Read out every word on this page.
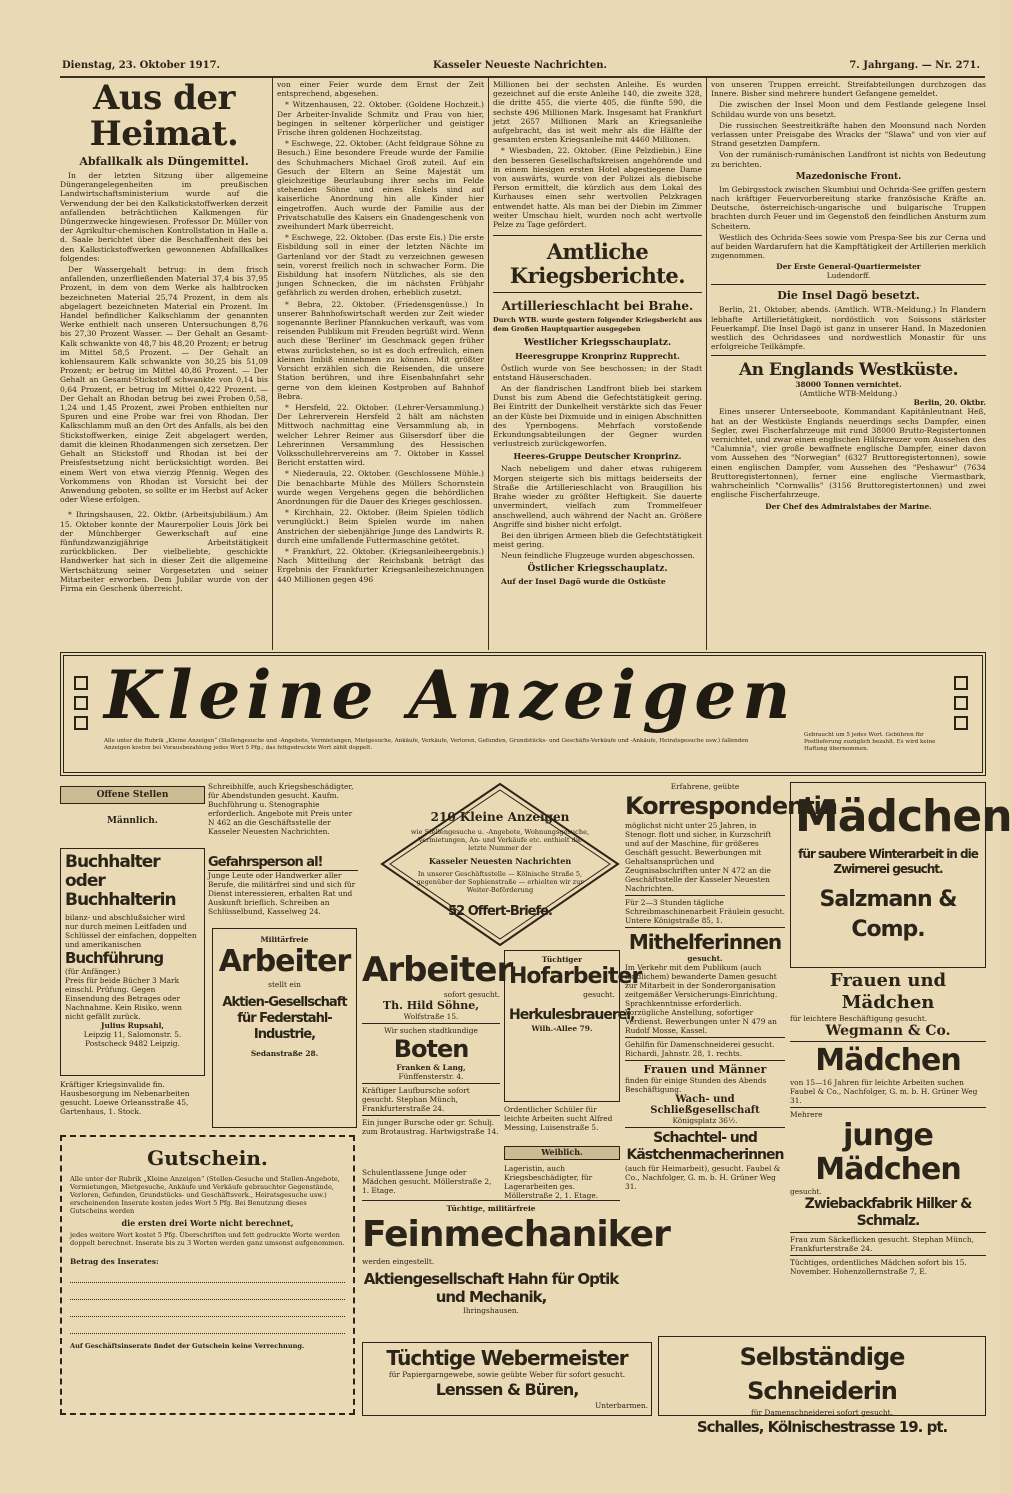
Dienstag, 23. Oktober 1917.	Kasseler Neueste Nachrichten.	7. Jahrgang. — Nr. 271.
Aus der Heimat.
Abfallkalk als Düngemittel.

In der letzten Sitzung über allgemeine Düngerangelegenheiten im preußischen Landwirtschaftsministerium wurde auf die Verwendung der bei den Kalkstickstoffwerken derzeit anfallenden beträchtlichen Kalkmengen für Düngerzwecke hingewiesen. Professor Dr. Müller von der Agrikultur-chemischen Kontrollstation in Halle a. d. Saale berichtet über die Beschaffenheit des bei den Kalkstickstoffwerken gewonnenen Abfallkalkes folgendes:

Der Wassergehalt betrug: in dem frisch anfallenden, unzerfließenden Material 37,4 bis 37,95 Prozent, in dem von dem Werke als halbtrocken bezeichneten Material 25,74 Prozent, in dem als abgelagert bezeichneten Material ein Prozent. Im Handel befindlicher Kalkschlamm der genannten Werke enthielt nach unseren Untersuchungen 8,76 bis 27,30 Prozent Wasser. — Der Gehalt an Gesamt-Kalk schwankte von 48,7 bis 48,20 Prozent; er betrug im Mittel 58,5 Prozent. — Der Gehalt an kohlensaurem Kalk schwankte von 30,25 bis 51,09 Prozent; er betrug im Mittel 40,86 Prozent. — Der Gehalt an Gesamt-Stickstoff schwankte von 0,14 bis 0,64 Prozent, er betrug im Mittel 0,422 Prozent. — Der Gehalt an Rhodan betrug bei zwei Proben 0,58, 1,24 und 1,45 Prozent, zwei Proben enthielten nur Spuren und eine Probe war frei von Rhodan. Der Kalkschlamm muß an den Ort des Anfalls, als bei den Stickstoffwerken, einige Zeit abgelagert werden, damit die kleinen Rhodanmengen sich zersetzen. Der Gehalt an Stickstoff und Rhodan ist bei der Preisfestsetzung nicht berücksichtigt worden. Bei einem Wert von etwa vierzig Pfennig. Wegen des Vorkommens von Rhodan ist Vorsicht bei der Anwendung geboten, so sollte er im Herbst auf Acker oder Wiese erfolgen.

* Ihringshausen, 22. Oktbr. (Arbeitsjubiläum.) Am 15. Oktober konnte der Maurerpolier Louis Jörk bei der Münchberger Gewerkschaft auf eine fünfundzwanzigjährige Arbeitstätigkeit zurückblicken. Der vielbeliebte, geschickte Handwerker hat sich in dieser Zeit die allgemeine Wertschätzung seiner Vorgesetzten und seiner Mitarbeiter erworben. Dem Jubilar wurde von der Firma ein Geschenk überreicht.

von einer Feier wurde dem Ernst der Zeit entsprechend, abgesehen.

* Witzenhausen, 22. Oktober. (Goldene Hochzeit.) Der Arbeiter-Invalide Schmitz und Frau von hier, begingen in seltener körperlicher und geistiger Frische ihren goldenen Hochzeitstag.

* Eschwege, 22. Oktober. (Acht feldgraue Söhne zu Besuch.) Eine besondere Freude wurde der Familie des Schuhmachers Michael Groß zuteil. Auf ein Gesuch der Eltern an Seine Majestät um gleichzeitige Beurlaubung ihrer sechs im Felde stehenden Söhne und eines Enkels sind auf kaiserliche Anordnung hin alle Kinder hier eingetroffen. Auch wurde der Familie aus der Privatschatulle des Kaisers ein Gnadengeschenk von zweihundert Mark überreicht.

* Eschwege, 22. Oktober. (Das erste Eis.) Die erste Eisbildung soll in einer der letzten Nächte im Gartenland vor der Stadt zu verzeichnen gewesen sein, vorerst freilich noch in schwacher Form. Die Eisbildung hat insofern Nützliches, als sie den jungen Schnecken, die im nächsten Frühjahr gefährlich zu werden drohen, erheblich zusetzt.

* Bebra, 22. Oktober. (Friedensgenüsse.) In unserer Bahnhofswirtschaft werden zur Zeit wieder sogenannte Berliner Pfannkuchen verkauft, was vom reisenden Publikum mit Freuden begrüßt wird. Wenn auch diese 'Berliner' im Geschmack gegen früher etwas zurückstehen, so ist es doch erfreulich, einen kleinen Imbiß einnehmen zu können. Mit größter Vorsicht erzählen sich die Reisenden, die unsere Station berühren, und ihre Eisenbahnfahrt sehr gerne von dem kleinen Kostproben auf Bahnhof Bebra.

* Hersfeld, 22. Oktober. (Lehrer-Versammlung.) Der Lehrerverein Hersfeld 2 hält am nächsten Mittwoch nachmittag eine Versammlung ab, in welcher Lehrer Reimer aus Gilsersdorf über die Lehrerinnen Versammlung des Hessischen Volksschullehrervereins am 7. Oktober in Kassel Bericht erstatten wird.

* Niederaula, 22. Oktober. (Geschlossene Mühle.) Die benachbarte Mühle des Müllers Schornstein wurde wegen Vergehens gegen die behördlichen Anordnungen für die Dauer des Krieges geschlossen.

* Kirchhain, 22. Oktober. (Beim Spielen tödlich verunglückt.) Beim Spielen wurde im nahen Anstrichen der siebenjährige Junge des Landwirts R. durch eine umfallende Futtermaschine getötet.

* Frankfurt, 22. Oktober. (Kriegsanleiheergebnis.) Nach Mitteilung der Reichsbank beträgt das Ergebnis der Frankfurter Kriegsanleihezeichnungen 440 Millionen gegen 496

Millionen bei der sechsten Anleihe. Es wurden gezeichnet auf die erste Anleihe 140, die zweite 328, die dritte 455, die vierte 405, die fünfte 590, die sechste 496 Millionen Mark. Insgesamt hat Frankfurt jetzt 2657 Millionen Mark an Kriegsanleihe aufgebracht, das ist weit mehr als die Hälfte der gesamten ersten Kriegsanleihe mit 4460 Millionen.

* Wiesbaden, 22. Oktober. (Eine Pelzdiebin.) Eine den besseren Gesellschaftskreisen angehörende und in einem hiesigen ersten Hotel abgestiegene Dame von auswärts, wurde von der Polizei als diebische Person ermittelt, die kürzlich aus dem Lokal des Kurhauses einen sehr wertvollen Pelzkragen entwendet hatte. Als man bei der Diebin im Zimmer weiter Umschau hielt, wurden noch acht wertvolle Pelze zu Tage gefördert.

Amtliche Kriegsberichte.
Artillerieschlacht bei Brahe.

Durch WTB. wurde gestern folgender Kriegsbericht aus dem Großen Hauptquartier ausgegeben

Westlicher Kriegsschauplatz.
Heeresgruppe Kronprinz Rupprecht.

Östlich wurde von See beschossen; in der Stadt entstand Häuserschaden.

An der flandrischen Landfront blieb bei starkem Dunst bis zum Abend die Gefechtstätigkeit gering. Bei Eintritt der Dunkelheit verstärkte sich das Feuer an der Küste bei Dixmuide und in einigen Abschnitten des Ypernbogens. Mehrfach vorstoßende Erkundungsabteilungen der Gegner wurden verlustreich zurückgeworfen.

Heeres-Gruppe Deutscher Kronprinz.

Nach nebeligem und daher etwas ruhigerem Morgen steigerte sich bis mittags beiderseits der Straße die Artillerieschlacht von Braugillion bis Brahe wieder zu größter Heftigkeit. Sie dauerte unvermindert, vielfach zum Trommelfeuer anschwellend, auch während der Nacht an. Größere Angriffe sind bisher nicht erfolgt.

Bei den übrigen Armeen blieb die Gefechtstätigkeit meist gering.

Neun feindliche Flugzeuge wurden abgeschossen.

Östlicher Kriegsschauplatz.

Auf der Insel Dagö wurde die Ostküste

von unseren Truppen erreicht. Streifabteilungen durchzogen das Innere. Bisher sind mehrere hundert Gefangene gemeldet.

Die zwischen der Insel Moon und dem Festlande gelegene Insel Schildau wurde von uns besetzt.

Die russischen Seestreitkräfte haben den Moonsund nach Norden verlassen unter Preisgabe des Wracks der "Slawa" und von vier auf Strand gesetzten Dampfern.

Von der rumänisch-rumänischen Landfront ist nichts von Bedeutung zu berichten.

Mazedonische Front.

Im Gebirgsstock zwischen Skumbiui und Ochrida-See griffen gestern nach kräftiger Feuervorbereitung starke französische Kräfte an. Deutsche, österreichisch-ungarische und bulgarische Truppen brachten durch Feuer und im Gegenstoß den feindlichen Ansturm zum Scheitern.

Westlich des Ochrida-Sees sowie vom Prespa-See bis zur Cerna und auf beiden Wardarufern hat die Kampftätigkeit der Artillerien merklich zugenommen.

Der Erste General-Quartiermeister
Ludendorff.
Die Insel Dagö besetzt.

Berlin, 21. Oktober, abends. (Amtlich. WTB.-Meldung.) In Flandern lebhafte Artillerietätigkeit, nordöstlich von Soissons stärkster Feuerkampf. Die Insel Dagö ist ganz in unserer Hand. In Mazedonien westlich des Ochridasees und nordwestlich Monastir für uns erfolgreiche Teilkämpfe.

An Englands Westküste.
38000 Tonnen vernichtet.
(Amtliche WTB-Meldung.)
Berlin, 20. Oktbr.

Eines unserer Unterseeboote, Kommandant Kapitänleutnant Heß, hat an der Westküste Englands neuerdings sechs Dampfer, einen Segler, zwei Fischerfahrzeuge mit rund 38000 Brutto-Registertonnen vernichtet, und zwar einen englischen Hilfskreuzer vom Aussehen des "Calumnia", vier große bewaffnete englische Dampfer, einer davon vom Aussehen des "Norwegian" (6327 Bruttoregistertonnen), sowie einen englischen Dampfer, vom Aussehen des "Peshawur" (7634 Bruttoregistertonnen), ferner eine englische Viermastbark, wahrscheinlich "Cornwallis" (3156 Bruttoregistertonnen) und zwei englische Fischerfahrzeuge.

Der Chef des Admiralstabes der Marine.
Kleine Anzeigen
Alle unter die Rubrik „Kleine Anzeigen“ (Stellengesuche und -Angebote, Vermietungen, Mietgesuche, Ankäufe, Verkäufe, Verloren, Gefunden, Grundstücks- und Geschäfts-Verkäufe und -Ankäufe, Heiratsgesuche usw.) fallenden Anzeigen kosten bei Vorausbezahlung jedes Wort 5 Pfg.; das fettgedruckte Wort zählt doppelt.
Gebraucht um 5 jedes Wort. Gebühren für Postlieferung zuzüglich bezahlt. Es wird keine Haftung übernommen.
Offene Stellen
Männlich.
Buchhalter oder Buchhalterin
bilanz- und abschlußsicher wird nur durch meinen Leitfaden und Schlüssel der einfachen, doppelten und amerikanischen
Buchführung
(für Anfänger.)
Preis für beide Bücher 3 Mark einschl. Prüfung. Gegen Einsendung des Betrages oder Nachnahme. Kein Risiko, wenn nicht gefällt zurück.
Julius Rupsahl,
Leipzig 11, Salomonstr. 5.
Postscheck 9482 Leipzig.
Kräftiger Kriegsinvalide fin. Hausbesorgung im Nebenarbeiten gesucht. Loewe Orleansstraße 45, Gartenhaus, 1. Stock.
Schreibhilfe, auch Kriegsbeschädigter, für Abendstunden gesucht. Kaufm. Buchführung u. Stenographie erforderlich. Angebote mit Preis unter N 462 an die Geschäftsstelle der Kasseler Neuesten Nachrichten.
Gefahrsperson al!
Junge Leute oder Handwerker aller Berufe, die militärfrei sind und sich für Dienst interessieren, erhalten Rat und Auskunft brieflich. Schreiben an Schlüsselbund, Kasselweg 24.
Militärfreie
Arbeiter
stellt ein
Aktien-Gesellschaft für Federstahl-Industrie,
Sedanstraße 28.
210 Kleine Anzeigen
wie Stellengesuche u. -Angebote, Wohnungsgesuche, Vermietungen, An- und Verkäufe etc. enthielt die letzte Nummer der
Kasseler Neuesten Nachrichten
In unserer Geschäftsstelle — Kölnische Straße 5, gegenüber der Sophienstraße — erhielten wir zur Weiter-Beförderung
52 Offert-Briefe.
Arbeiter
sofort gesucht.
Th. Hild Söhne,
Wolfstraße 15.
Wir suchen stadtkundige
Boten
Franken & Lang,
Fünffensterstr. 4.
Kräftiger Laufbursche sofort gesucht. Stephan Münch, Frankfurterstraße 24.
Ein junger Bursche oder gr. Schulj. zum Brotaustrag. Hartwigstraße 14.
Schulentlassene Junge oder Mädchen gesucht. Möllerstraße 2, 1. Etage.
Tüchtiger
Hofarbeiter
gesucht.
Herkulesbrauerei,
Wilh.-Allee 79.
Ordentlicher Schüler für leichte Arbeiten sucht Alfred Messing, Luisenstraße 5.
Weiblich.
Lageristin, auch Kriegsbeschädigter, für Lagerarbeiten ges. Möllerstraße 2, 1. Etage.
Tüchtige, militärfreie
Feinmechaniker
werden eingestellt.
Aktiengesellschaft Hahn für Optik und Mechanik,
Ihringshausen.
Erfahrene, geübte
Korrespondentin
möglichst nicht unter 25 Jahren, in Stenogr. flott und sicher, in Kurzschrift und auf der Maschine, für größeres Geschäft gesucht. Bewerbungen mit Gehaltsansprüchen und Zeugnisabschriften unter N 472 an die Geschäftsstelle der Kasseler Neuesten Nachrichten.
Für 2—3 Stunden tägliche Schreibmaschinenarbeit Fräulein gesucht. Untere Königstraße 85, 1.
Mithelferinnen
gesucht.
Im Verkehr mit dem Publikum (auch ländlichem) bewanderte Damen gesucht zur Mitarbeit in der Sonderorganisation zeitgemäßer Versicherungs-Einrichtung. Sprachkenntnisse erforderlich. Vorzügliche Anstellung, sofortiger Verdienst. Bewerbungen unter N 479 an Rudolf Mosse, Kassel.
Gehilfin für Damenschneiderei gesucht. Richardi, Jahnstr. 28, 1. rechts.
Frauen und Männer
finden für einige Stunden des Abends Beschäftigung.
Wach- und Schließgesellschaft
Königsplatz 36½.
Schachtel- und Kästchenmacherinnen
(auch für Heimarbeit), gesucht. Faubel & Co., Nachfolger, G. m. b. H. Grüner Weg 31.
Mädchen
für saubere Winterarbeit in die Zwirnerei gesucht.
Salzmann & Comp.
Frauen und Mädchen
für leichtere Beschäftigung gesucht.
Wegmann & Co.
Mädchen
von 15—16 Jahren für leichte Arbeiten suchen Faubel & Co., Nachfolger, G. m. b. H. Grüner Weg 31.
Mehrere
junge Mädchen
gesucht.
Zwiebackfabrik Hilker & Schmalz.
Frau zum Säckeflicken gesucht. Stephan Münch, Frankfurterstraße 24.
Tüchtiges, ordentliches Mädchen sofort bis 15. November. Hohenzollernstraße 7, E.
Gutschein.
Alle unter der Rubrik „Kleine Anzeigen“ (Stellen-Gesuche und Stellen-Angebote, Vermietungen, Mietgesuche, Ankäufe und Verkäufe gebrauchter Gegenstände, Verloren, Gefunden, Grundstücks- und Geschäftsverk., Heiratsgesuche usw.) erscheinenden Inserate kosten jedes Wort 5 Pfg. Bei Benutzung dieses Gutscheins werden
die ersten drei Worte nicht berechnet,
jedes weitere Wort kostet 5 Pfg. Überschriften und fett gedruckte Worte werden doppelt berechnet. Inserate bis zu 3 Worten werden ganz umsonst aufgenommen.
Betrag des Inserates:
Auf Geschäftsinserate findet der Gutschein keine Verrechnung.	Tüchtige Webermeister
für Papiergarngewebe, sowie geübte Weber für sofort gesucht.
Lenssen & Büren,
Unterbarmen.
Selbständige Schneiderin
für Damenschneiderei sofort gesucht.
Schalles, Kölnischestrasse 19. pt.
